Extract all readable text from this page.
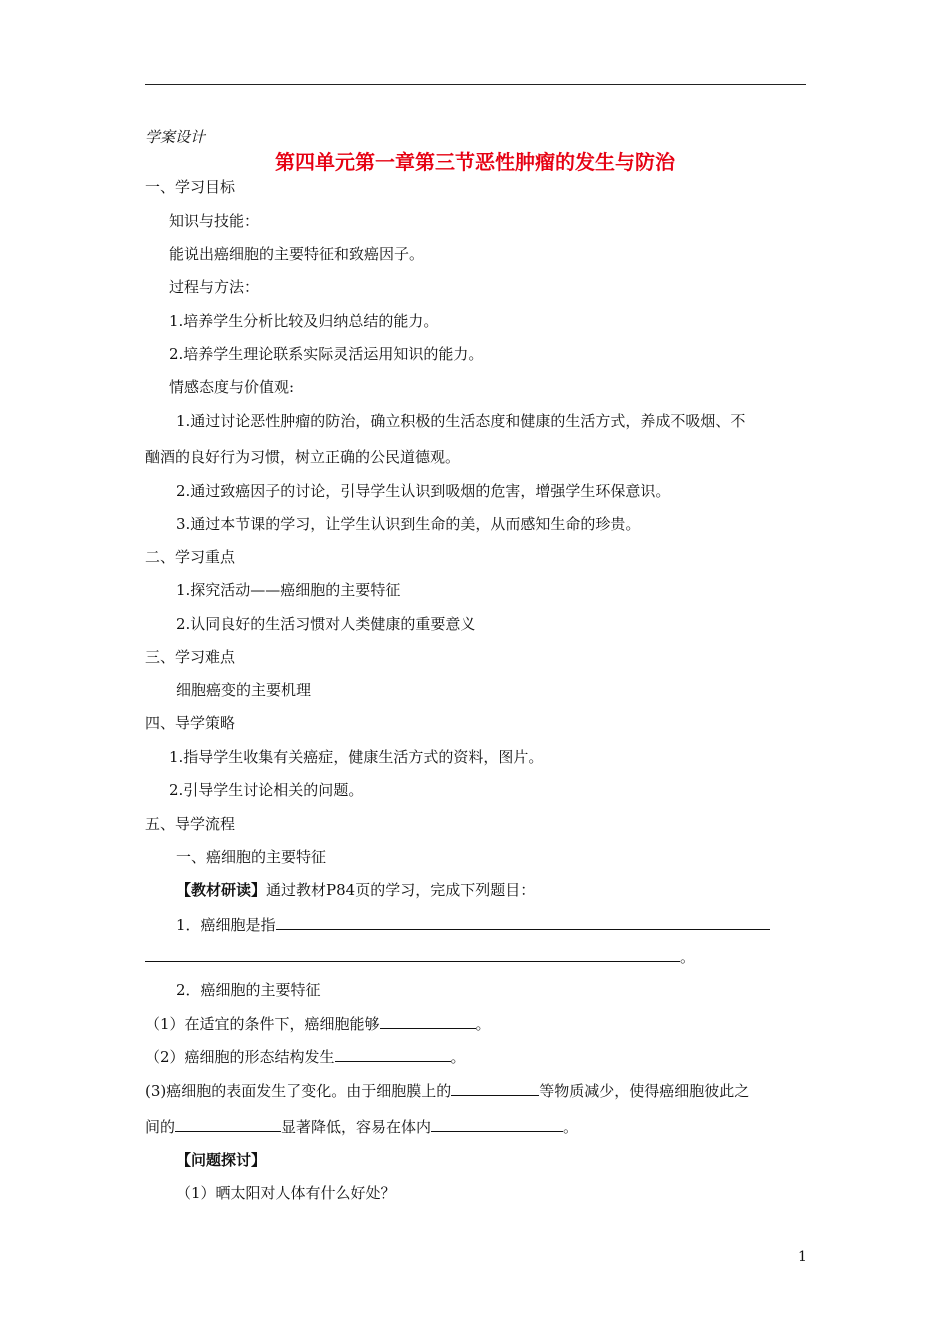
学案设计
第四单元第一章第三节恶性肿瘤的发生与防治
一、学习目标
知识与技能：
能说出癌细胞的主要特征和致癌因子。
过程与方法：
1.培养学生分析比较及归纳总结的能力。
2.培养学生理论联系实际灵活运用知识的能力。
情感态度与价值观:
1.通过讨论恶性肿瘤的防治，确立积极的生活态度和健康的生活方式，养成不吸烟、不
酗酒的良好行为习惯，树立正确的公民道德观。
2.通过致癌因子的讨论，引导学生认识到吸烟的危害，增强学生环保意识。
3.通过本节课的学习，让学生认识到生命的美，从而感知生命的珍贵。
二、学习重点
1.探究活动——癌细胞的主要特征
2.认同良好的生活习惯对人类健康的重要意义
三、学习难点
细胞癌变的主要机理
四、导学策略
1.指导学生收集有关癌症，健康生活方式的资料，图片。
2.引导学生讨论相关的问题。
五、导学流程
一、癌细胞的主要特征
【教材研读】通过教材P84页的学习，完成下列题目：
1．癌细胞是指
。
2．癌细胞的主要特征
（1）在适宜的条件下，癌细胞能够	。
（2）癌细胞的形态结构发生	。
(3)癌细胞的表面发生了变化。由于细胞膜上的	等物质减少，使得癌细胞彼此之
间的	显著降低，容易在体内	。
【问题探讨】
（1）晒太阳对人体有什么好处？
1
